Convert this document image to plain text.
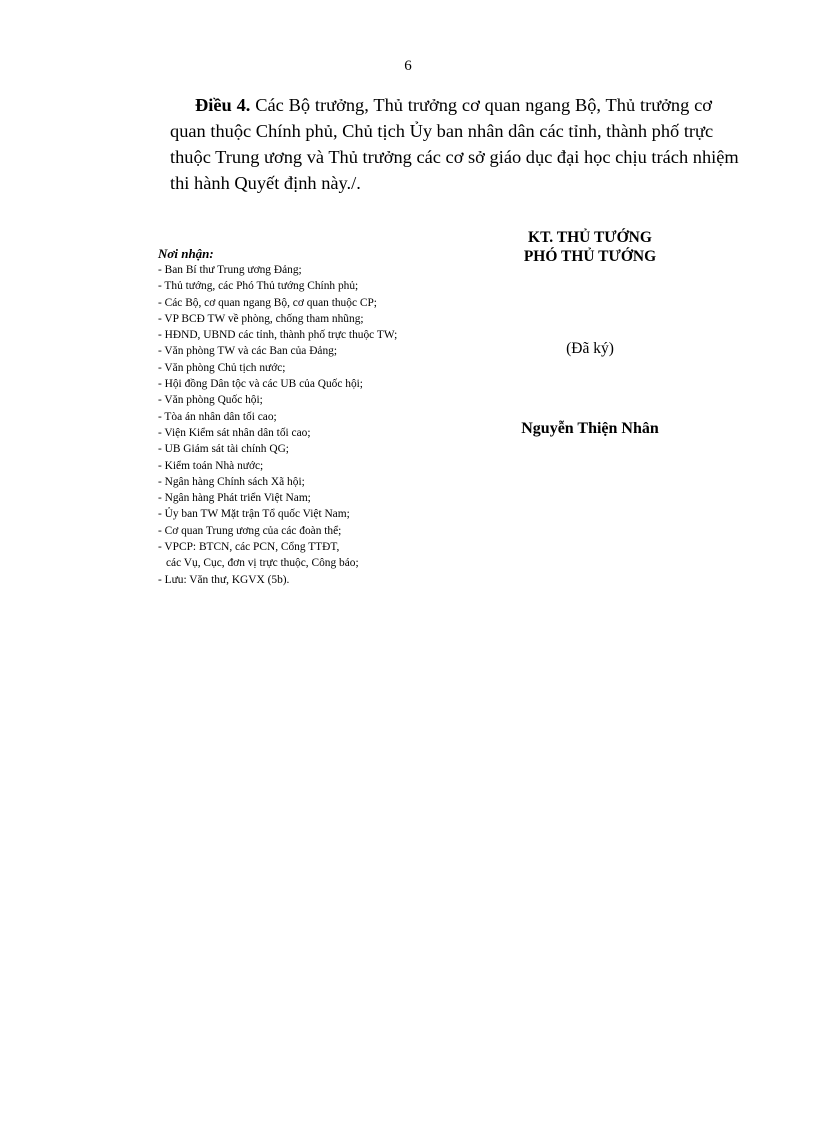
6
Điều 4. Các Bộ trưởng, Thủ trưởng cơ quan ngang Bộ, Thủ trưởng cơ
quan thuộc Chính phủ, Chủ tịch Ủy ban nhân dân các tỉnh, thành phố trực
thuộc Trung ương và Thủ trưởng các cơ sở giáo dục đại học chịu trách nhiệm
thi hành Quyết định này./.
Nơi nhận:
- Ban Bí thư Trung ương Đảng;
- Thủ tướng, các Phó Thủ tướng Chính phủ;
- Các Bộ, cơ quan ngang Bộ, cơ quan thuộc CP;
- VP BCĐ TW về phòng, chống tham nhũng;
- HĐND, UBND các tỉnh, thành phố trực thuộc TW;
- Văn phòng TW và các Ban của Đảng;
- Văn phòng Chủ tịch nước;
- Hội đồng Dân tộc và các UB của Quốc hội;
- Văn phòng Quốc hội;
- Tòa án nhân dân tối cao;
- Viện Kiểm sát nhân dân tối cao;
- UB Giám sát tài chính QG;
- Kiểm toán Nhà nước;
- Ngân hàng Chính sách Xã hội;
- Ngân hàng Phát triển Việt Nam;
- Ủy ban TW Mặt trận Tổ quốc Việt Nam;
- Cơ quan Trung ương của các đoàn thể;
- VPCP: BTCN, các PCN, Cổng TTĐT,
các Vụ, Cục, đơn vị trực thuộc, Công báo;
- Lưu: Văn thư, KGVX (5b).
KT. THỦ TƯỚNG
PHÓ THỦ TƯỚNG
(Đã ký)
Nguyễn Thiện Nhân
